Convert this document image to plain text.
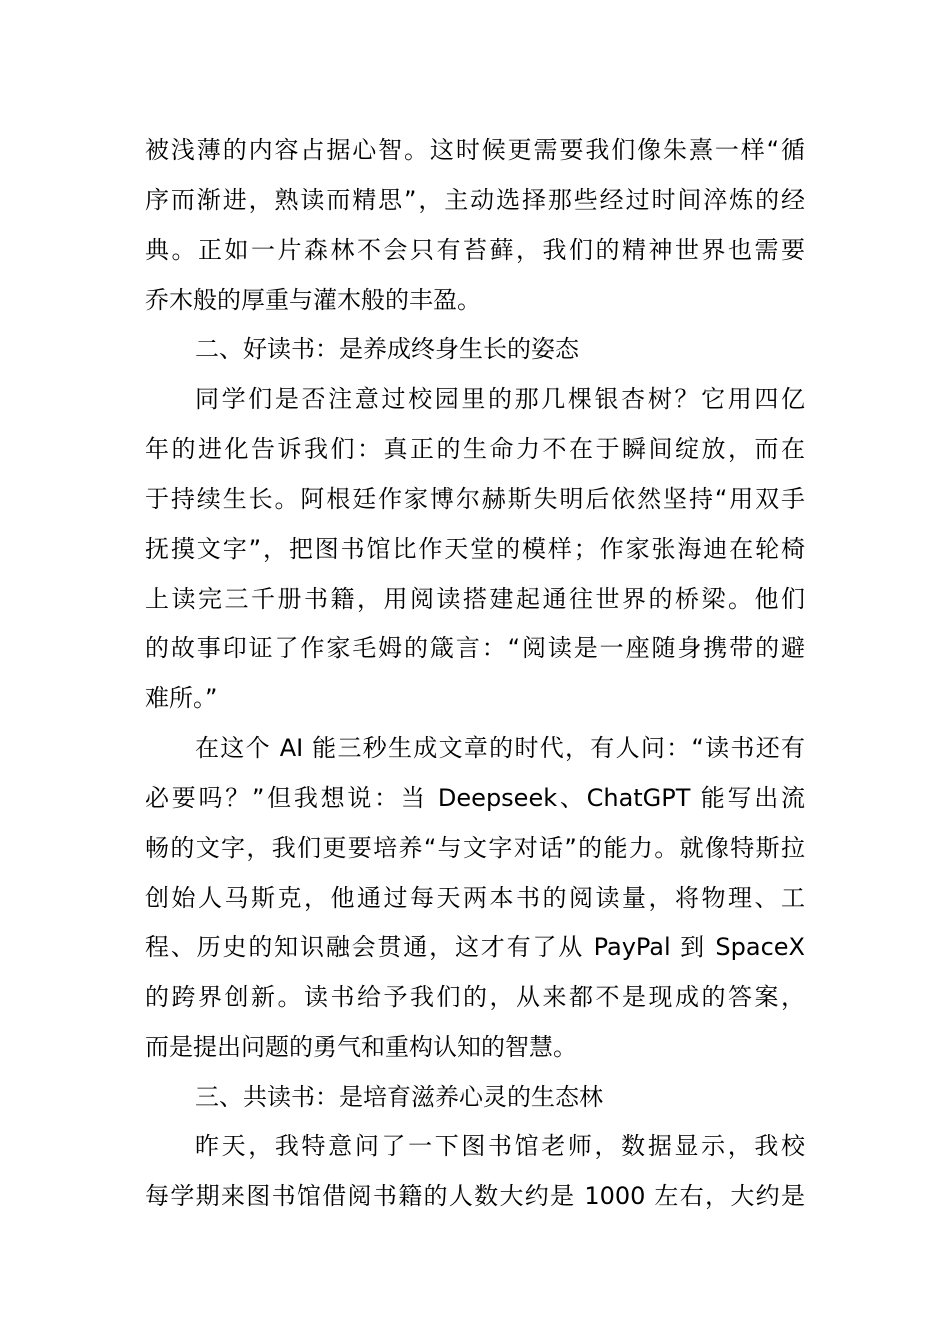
被浅薄的内容占据心智。这时候更需要我们像朱熹一样“循
序而渐进，熟读而精思”，主动选择那些经过时间淬炼的经
典。正如一片森林不会只有苔藓，我们的精神世界也需要
乔木般的厚重与灌木般的丰盈。
二、好读书：是养成终身生长的姿态
同学们是否注意过校园里的那几棵银杏树？它用四亿
年的进化告诉我们：真正的生命力不在于瞬间绽放，而在
于持续生长。阿根廷作家博尔赫斯失明后依然坚持“用双手
抚摸文字”，把图书馆比作天堂的模样；作家张海迪在轮椅
上读完三千册书籍，用阅读搭建起通往世界的桥梁。他们
的故事印证了作家毛姆的箴言：“阅读是一座随身携带的避
难所。”
在这个 AI 能三秒生成文章的时代，有人问：“读书还有
必要吗？”但我想说：当 Deepseek、ChatGPT 能写出流
畅的文字，我们更要培养“与文字对话”的能力。就像特斯拉
创始人马斯克，他通过每天两本书的阅读量，将物理、工
程、历史的知识融会贯通，这才有了从 PayPal 到 SpaceX
的跨界创新。读书给予我们的，从来都不是现成的答案，
而是提出问题的勇气和重构认知的智慧。
三、共读书：是培育滋养心灵的生态林
昨天，我特意问了一下图书馆老师，数据显示，我校
每学期来图书馆借阅书籍的人数大约是 1000 左右，大约是
